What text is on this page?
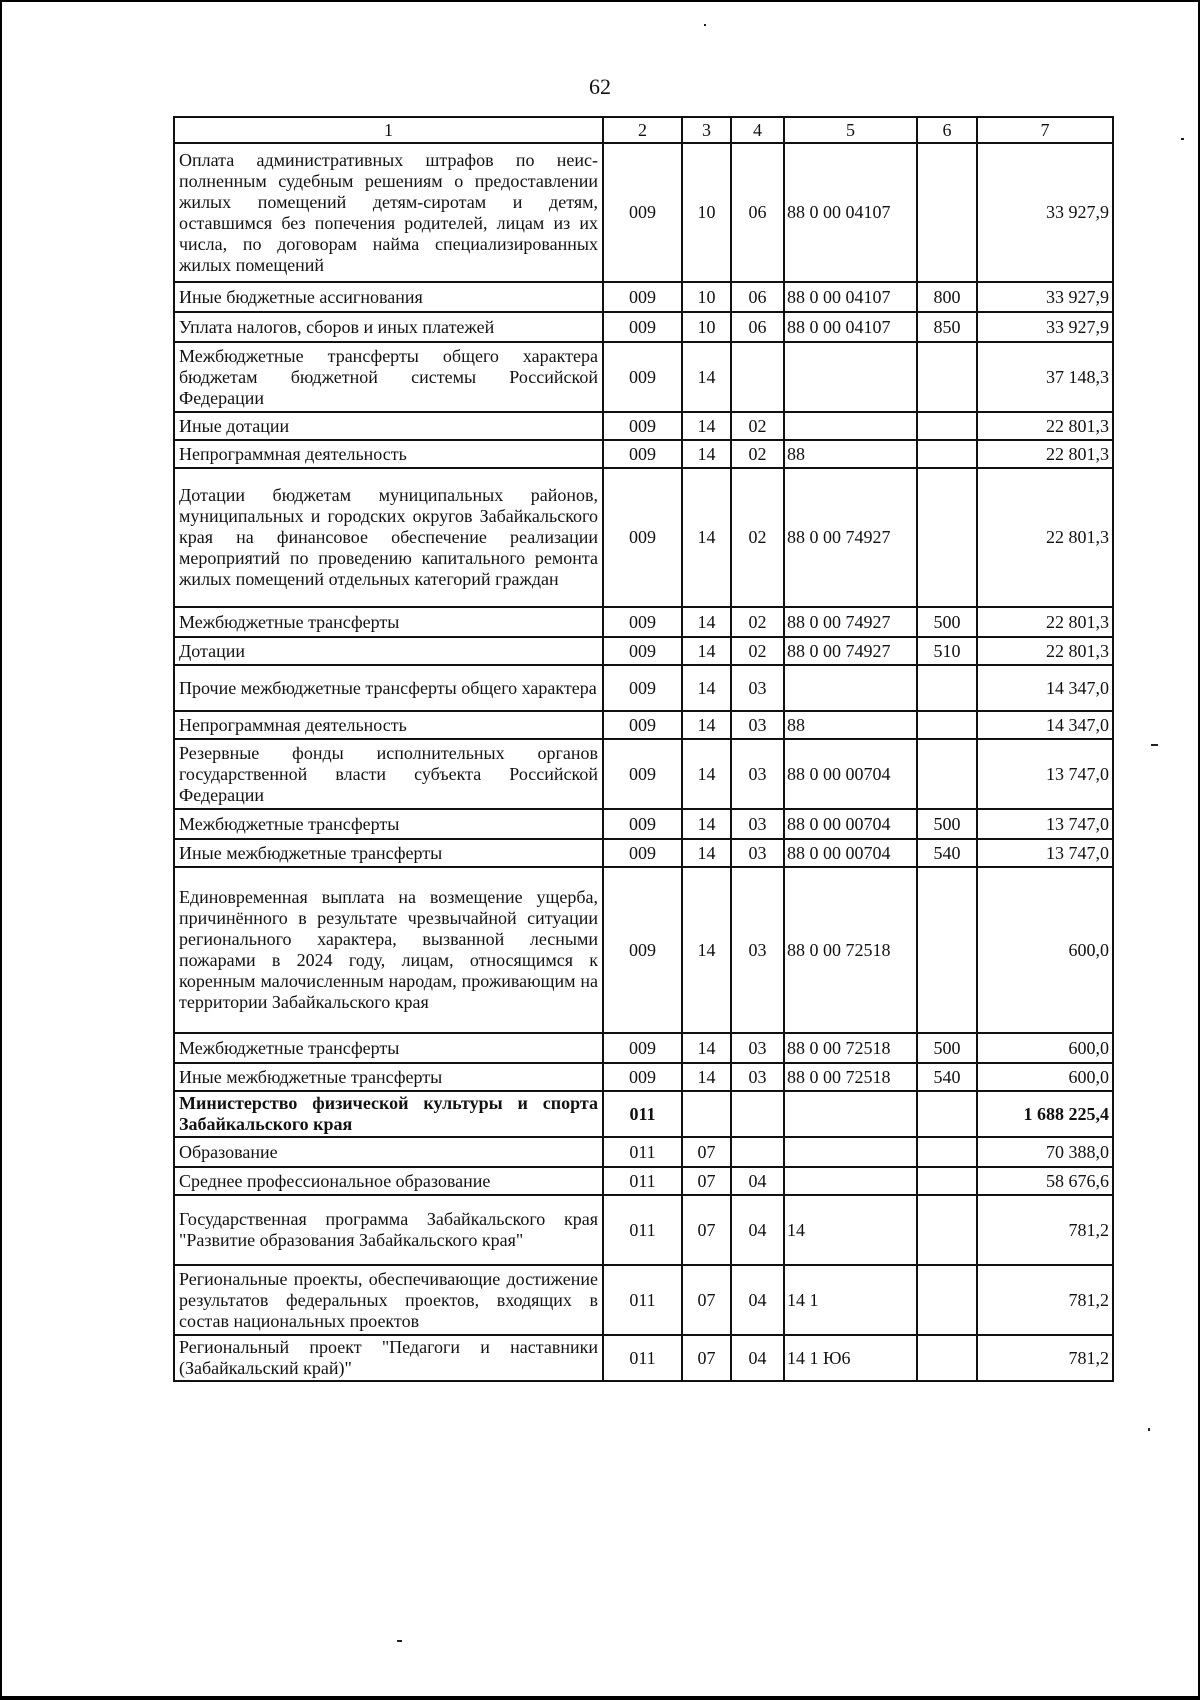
62
1	2	3	4	5	6	7
Оплата административных штрафов по неисполненным судебным решениям о предоставлении жилых помещений детям-сиротам и детям, оставшимся без попечения родителей, лицам из их числа, по договорам найма специализированных жилых помещений	009	10	06	88 0 00 04107		33 927,9
Иные бюджетные ассигнования	009	10	06	88 0 00 04107	800	33 927,9
Уплата налогов, сборов и иных платежей	009	10	06	88 0 00 04107	850	33 927,9
Межбюджетные трансферты общего характера бюджетам бюджетной системы Российской Федерации	009	14				37 148,3
Иные дотации	009	14	02			22 801,3
Непрограммная деятельность	009	14	02	88		22 801,3
Дотации бюджетам муниципальных районов, муниципальных и городских округов Забайкальского края на финансовое обеспечение реализации мероприятий по проведению капитального ремонта жилых помещений отдельных категорий граждан	009	14	02	88 0 00 74927		22 801,3
Межбюджетные трансферты	009	14	02	88 0 00 74927	500	22 801,3
Дотации	009	14	02	88 0 00 74927	510	22 801,3
Прочие межбюджетные трансферты общего характера	009	14	03			14 347,0
Непрограммная деятельность	009	14	03	88		14 347,0
Резервные фонды исполнительных органов государственной власти субъекта Российской Федерации	009	14	03	88 0 00 00704		13 747,0
Межбюджетные трансферты	009	14	03	88 0 00 00704	500	13 747,0
Иные межбюджетные трансферты	009	14	03	88 0 00 00704	540	13 747,0
Единовременная выплата на возмещение ущерба, причинённого в результате чрезвычайной ситуации регионального характера, вызванной лесными пожарами в 2024 году, лицам, относящимся к коренным малочисленным народам, проживающим на территории Забайкальского края	009	14	03	88 0 00 72518		600,0
Межбюджетные трансферты	009	14	03	88 0 00 72518	500	600,0
Иные межбюджетные трансферты	009	14	03	88 0 00 72518	540	600,0
Министерство физической культуры и спорта Забайкальского края	011					1 688 225,4
Образование	011	07				70 388,0
Среднее профессиональное образование	011	07	04			58 676,6
Государственная программа Забайкальского края "Развитие образования Забайкальского края"	011	07	04	14		781,2
Региональные проекты, обеспечивающие достижение результатов федеральных проектов, входящих в состав национальных проектов	011	07	04	14 1		781,2
Региональный проект "Педагоги и наставники (Забайкальский край)"	011	07	04	14 1 Ю6		781,2
